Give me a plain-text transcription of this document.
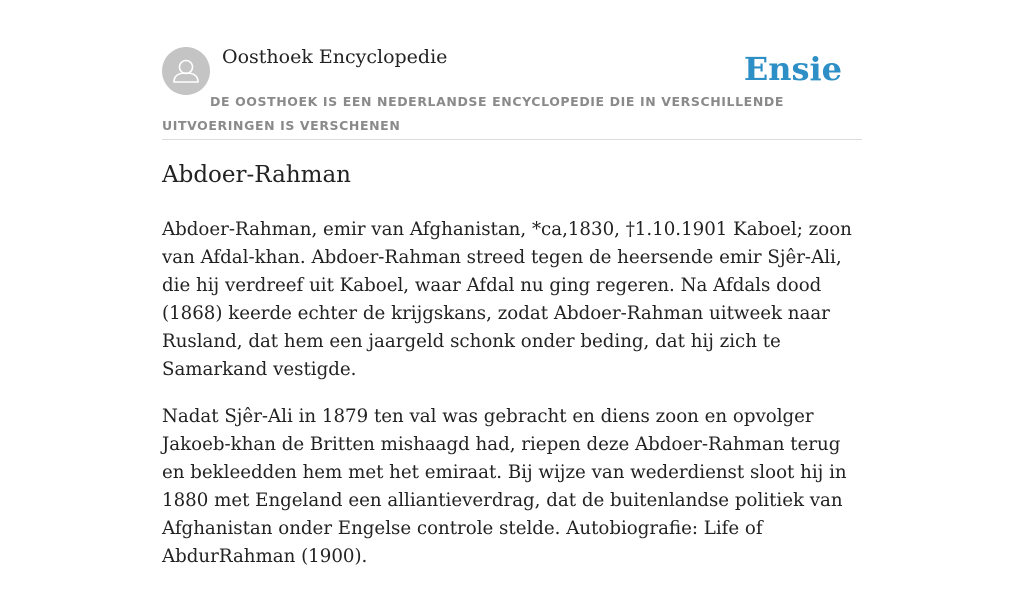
Oosthoek Encyclopedie	Ensie
DE OOSTHOEK IS EEN NEDERLANDSE ENCYCLOPEDIE DIE IN VERSCHILLENDE UITVOERINGEN IS VERSCHENEN
Abdoer-Rahman

Abdoer-Rahman, emir van Afghanistan, *ca,1830, †1.10.1901 Kaboel; zoon van Afdal-khan. Abdoer-Rahman streed tegen de heersende emir Sjêr-Ali, die hij verdreef uit Kaboel, waar Afdal nu ging regeren. Na Afdals dood (1868) keerde echter de krijgskans, zodat Abdoer-Rahman uitweek naar Rusland, dat hem een jaargeld schonk onder beding, dat hij zich te Samarkand vestigde.

Nadat Sjêr-Ali in 1879 ten val was gebracht en diens zoon en opvolger Jakoeb-khan de Britten mishaagd had, riepen deze Abdoer-Rahman terug en bekleedden hem met het emiraat. Bij wijze van wederdienst sloot hij in 1880 met Engeland een alliantieverdrag, dat de buitenlandse politiek van Afghanistan onder Engelse controle stelde. Autobiografie: Life of AbdurRahman (1900).
